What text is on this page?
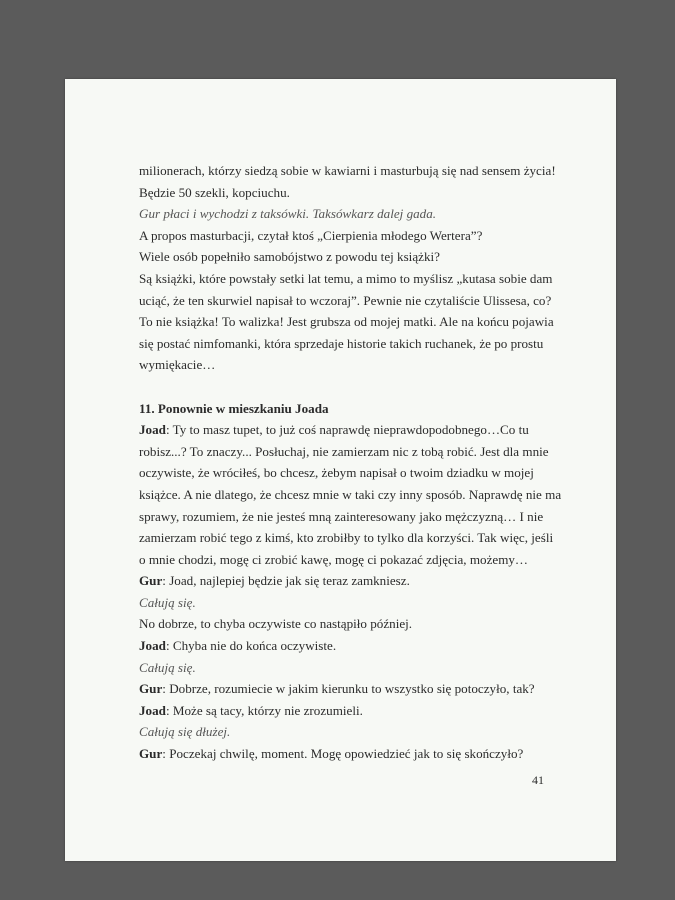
milionerach, którzy siedzą sobie w kawiarni i masturbują się nad sensem życia!
Będzie 50 szekli, kopciuchu.
Gur płaci i wychodzi z taksówki. Taksówkarz dalej gada.
A propos masturbacji, czytał ktoś „Cierpienia młodego Wertera”?
Wiele osób popełniło samobójstwo z powodu tej książki?
Są książki, które powstały setki lat temu, a mimo to myślisz „kutasa sobie dam
uciąć, że ten skurwiel napisał to wczoraj”. Pewnie nie czytaliście Ulissesa, co?
To nie książka! To walizka! Jest grubsza od mojej matki. Ale na końcu pojawia
się postać nimfomanki, która sprzedaje historie takich ruchanek, że po prostu
wymiękacie…
11. Ponownie w mieszkaniu Joada
Joad: Ty to masz tupet, to już coś naprawdę nieprawdopodobnego…Co tu
robisz...? To znaczy... Posłuchaj, nie zamierzam nic z tobą robić. Jest dla mnie
oczywiste, że wróciłeś, bo chcesz, żebym napisał o twoim dziadku w mojej
książce. A nie dlatego, że chcesz mnie w taki czy inny sposób. Naprawdę nie ma
sprawy, rozumiem, że nie jesteś mną zainteresowany jako mężczyzną… I nie
zamierzam robić tego z kimś, kto zrobiłby to tylko dla korzyści. Tak więc, jeśli
o mnie chodzi, mogę ci zrobić kawę, mogę ci pokazać zdjęcia, możemy…
Gur: Joad, najlepiej będzie jak się teraz zamkniesz.
Całują się.
No dobrze, to chyba oczywiste co nastąpiło później.
Joad: Chyba nie do końca oczywiste.
Całują się.
Gur: Dobrze, rozumiecie w jakim kierunku to wszystko się potoczyło, tak?
Joad: Może są tacy, którzy nie zrozumieli.
Całują się dłużej.
Gur: Poczekaj chwilę, moment. Mogę opowiedzieć jak to się skończyło?
41
